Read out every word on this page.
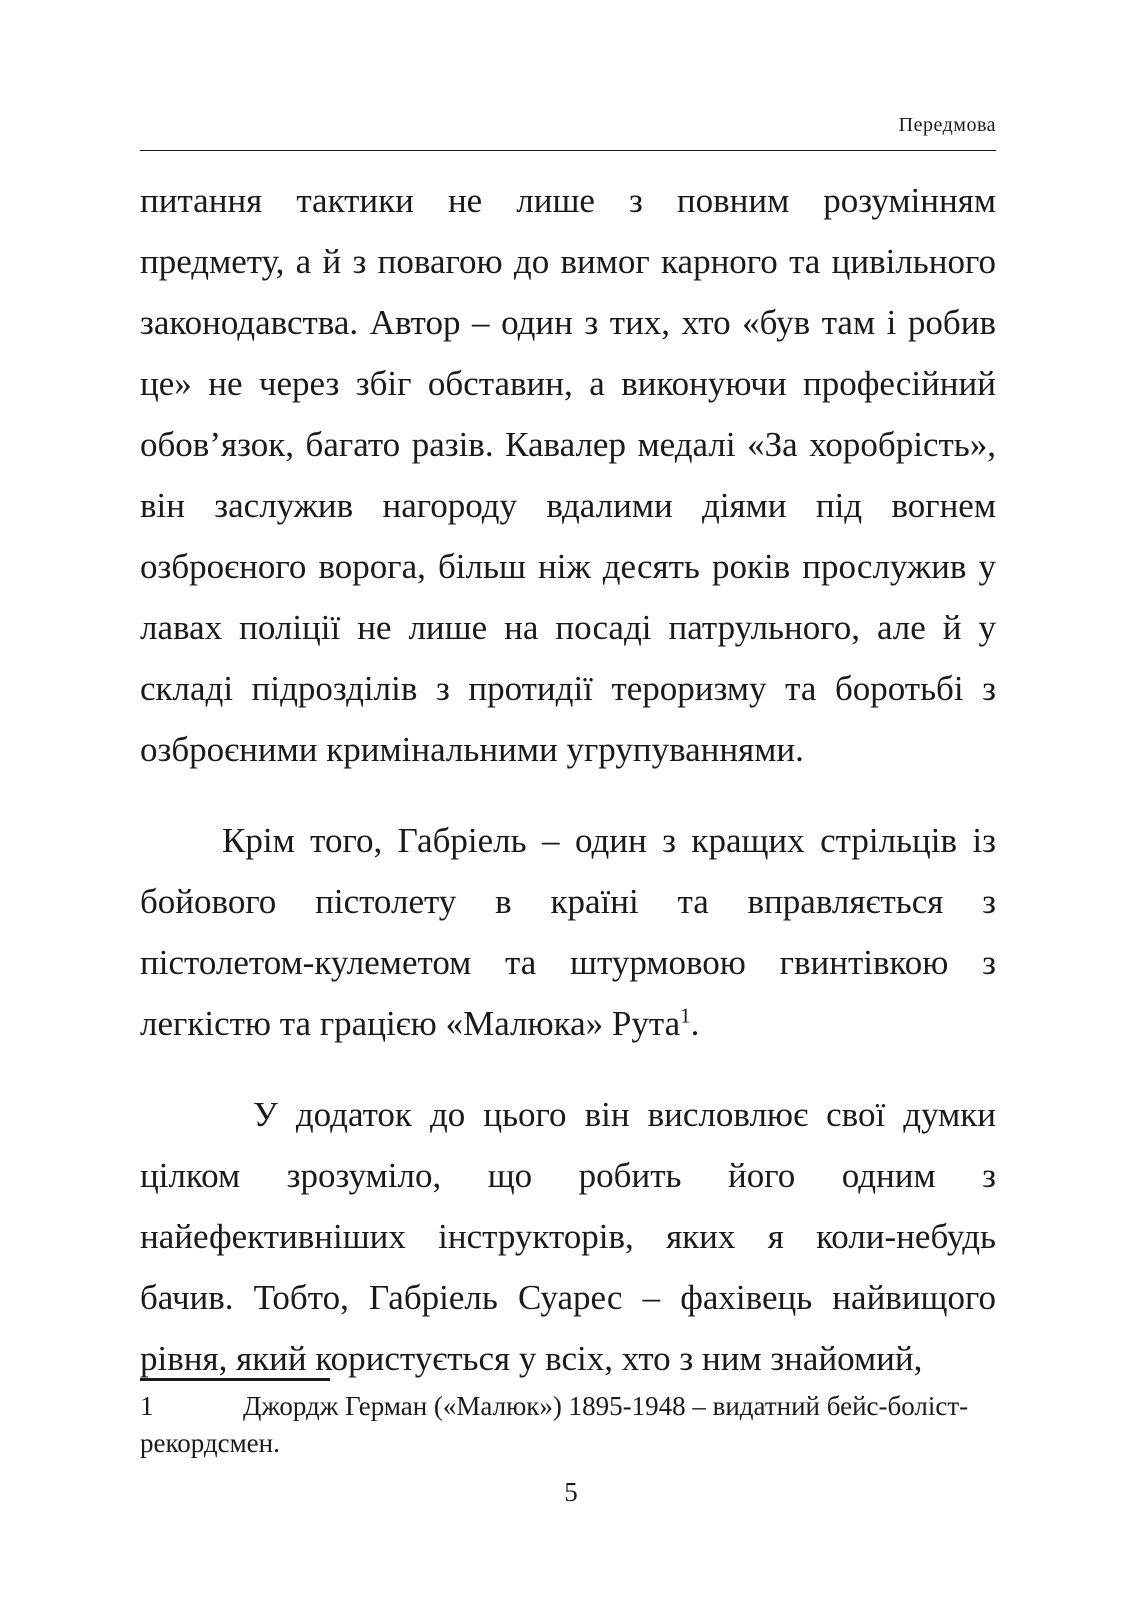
Передмова

питання тактики не лише з повним розумінням предмету, а й з повагою до вимог карного та цивільного законодавства. Автор – один з тих, хто «був там і робив це» не через збіг обставин, а виконуючи професійний обов’язок, багато разів. Кавалер медалі «За хоробрість», він заслужив нагороду вдалими діями під вогнем озброєного ворога, більш ніж десять років прослужив у лавах поліції не лише на посаді патрульного, але й у складі підрозділів з протидії тероризму та боротьбі з озброєними кримінальними угрупуваннями.

Крім того, Габріель – один з кращих стрільців із бойового пістолету в країні та вправляється з пістолетом-кулеметом та штурмовою гвинтівкою з легкістю та грацією «Малюка» Рута$^1$.

У додаток до цього він висловлює свої думки цілком зрозуміло, що робить його одним з найефективніших інструкторів, яких я коли-небудь бачив. Тобто, Габріель Суарес – фахівець найвищого рівня, який користується у всіх, хто з ним знайомий,

1	Джордж Герман («Малюк») 1895-1948 – видатний бейс-болiст-рекордсмен.
5
